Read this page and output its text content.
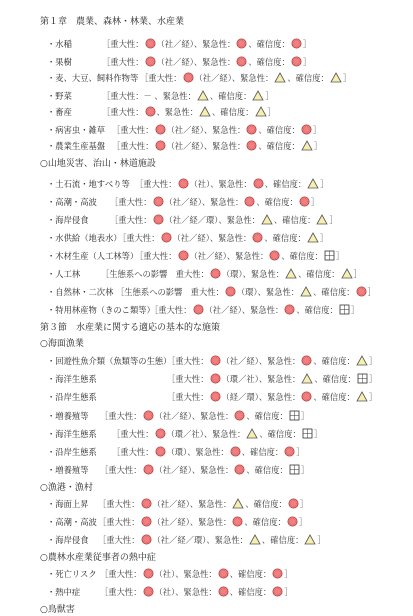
第１章　農業、森林・林業、水産業
・水稲	［重大性： （社／経）、緊急性： 、確信度： ］
・果樹	［重大性： （社／経）、緊急性： 、確信度： ］
・麦、大豆、飼料作物等 ［重大性： （社／経）、緊急性： 、確信度： ］
・野菜	［重大性：－ 、緊急性： 、確信度： ］
・畜産	［重大性： 、緊急性： 、確信度： ］
・病害虫・雑草 ［重大性： （社／経）、緊急性： 、確信度： ］
・農業生産基盤 ［重大性： （社／経）、緊急性： 、確信度： ］
○山地災害、治山・林道施設
・土石流・地すべり等 ［重大性： （社）、緊急性： 、確信度： ］
・高潮・高波 ［重大性： （社／経）、緊急性： 、確信度： ］
・海岸侵食	［重大性： （社／経／環）、緊急性： 、確信度： ］
・水供給（地表水）
［重大性： （社／経）、緊急性： 、確信度： ］
・木材生産（人工林等）
［重大性： （社／経）、緊急性： 、確信度： ］
・人工林	［生態系への影響　重大性： （環）、緊急性： 、確信度： ］
・自然林・二次林 ［生態系への影響　重大性： （環）、緊急性： 、確信度： ］
・特用林産物（きのこ類等）
［重大性： （社／経）、緊急性： 、確信度： ］
第３節　水産業に関する適応の基本的な施策
○海面漁業
・回遊性魚介類（魚類等の生態）
［重大性： （社／経）、緊急性： 、確信度： ］
・海洋生態系	［重大性： （環／社）、緊急性： 、確信度： ］
・沿岸生態系	［重大性： （経／環）、緊急性： 、確信度： ］
・増養殖等 ［重大性： （社／経）、緊急性： 、確信度： ］
・海洋生態系 ［重大性： （環／社）、緊急性： 、確信度： ］
・沿岸生態系 ［重大性： （環）、緊急性： 、確信度： ］
・増養殖等 ［重大性： （社／経）、緊急性： 、確信度： ］
○漁港・漁村
・海面上昇 ［重大性： （社／経）、緊急性： 、確信度： ］
・高潮・高波 ［重大性： （社／経）、緊急性： 、確信度： ］
・海岸侵食 ［重大性： （社／経／環）、緊急性： 、確信度： ］
○農林水産業従事者の熱中症
・死亡リスク ［重大性： （社）、緊急性： 、確信度： ］
・熱中症 ［重大性： （社）、緊急性： 、確信度： ］
○鳥獣害
